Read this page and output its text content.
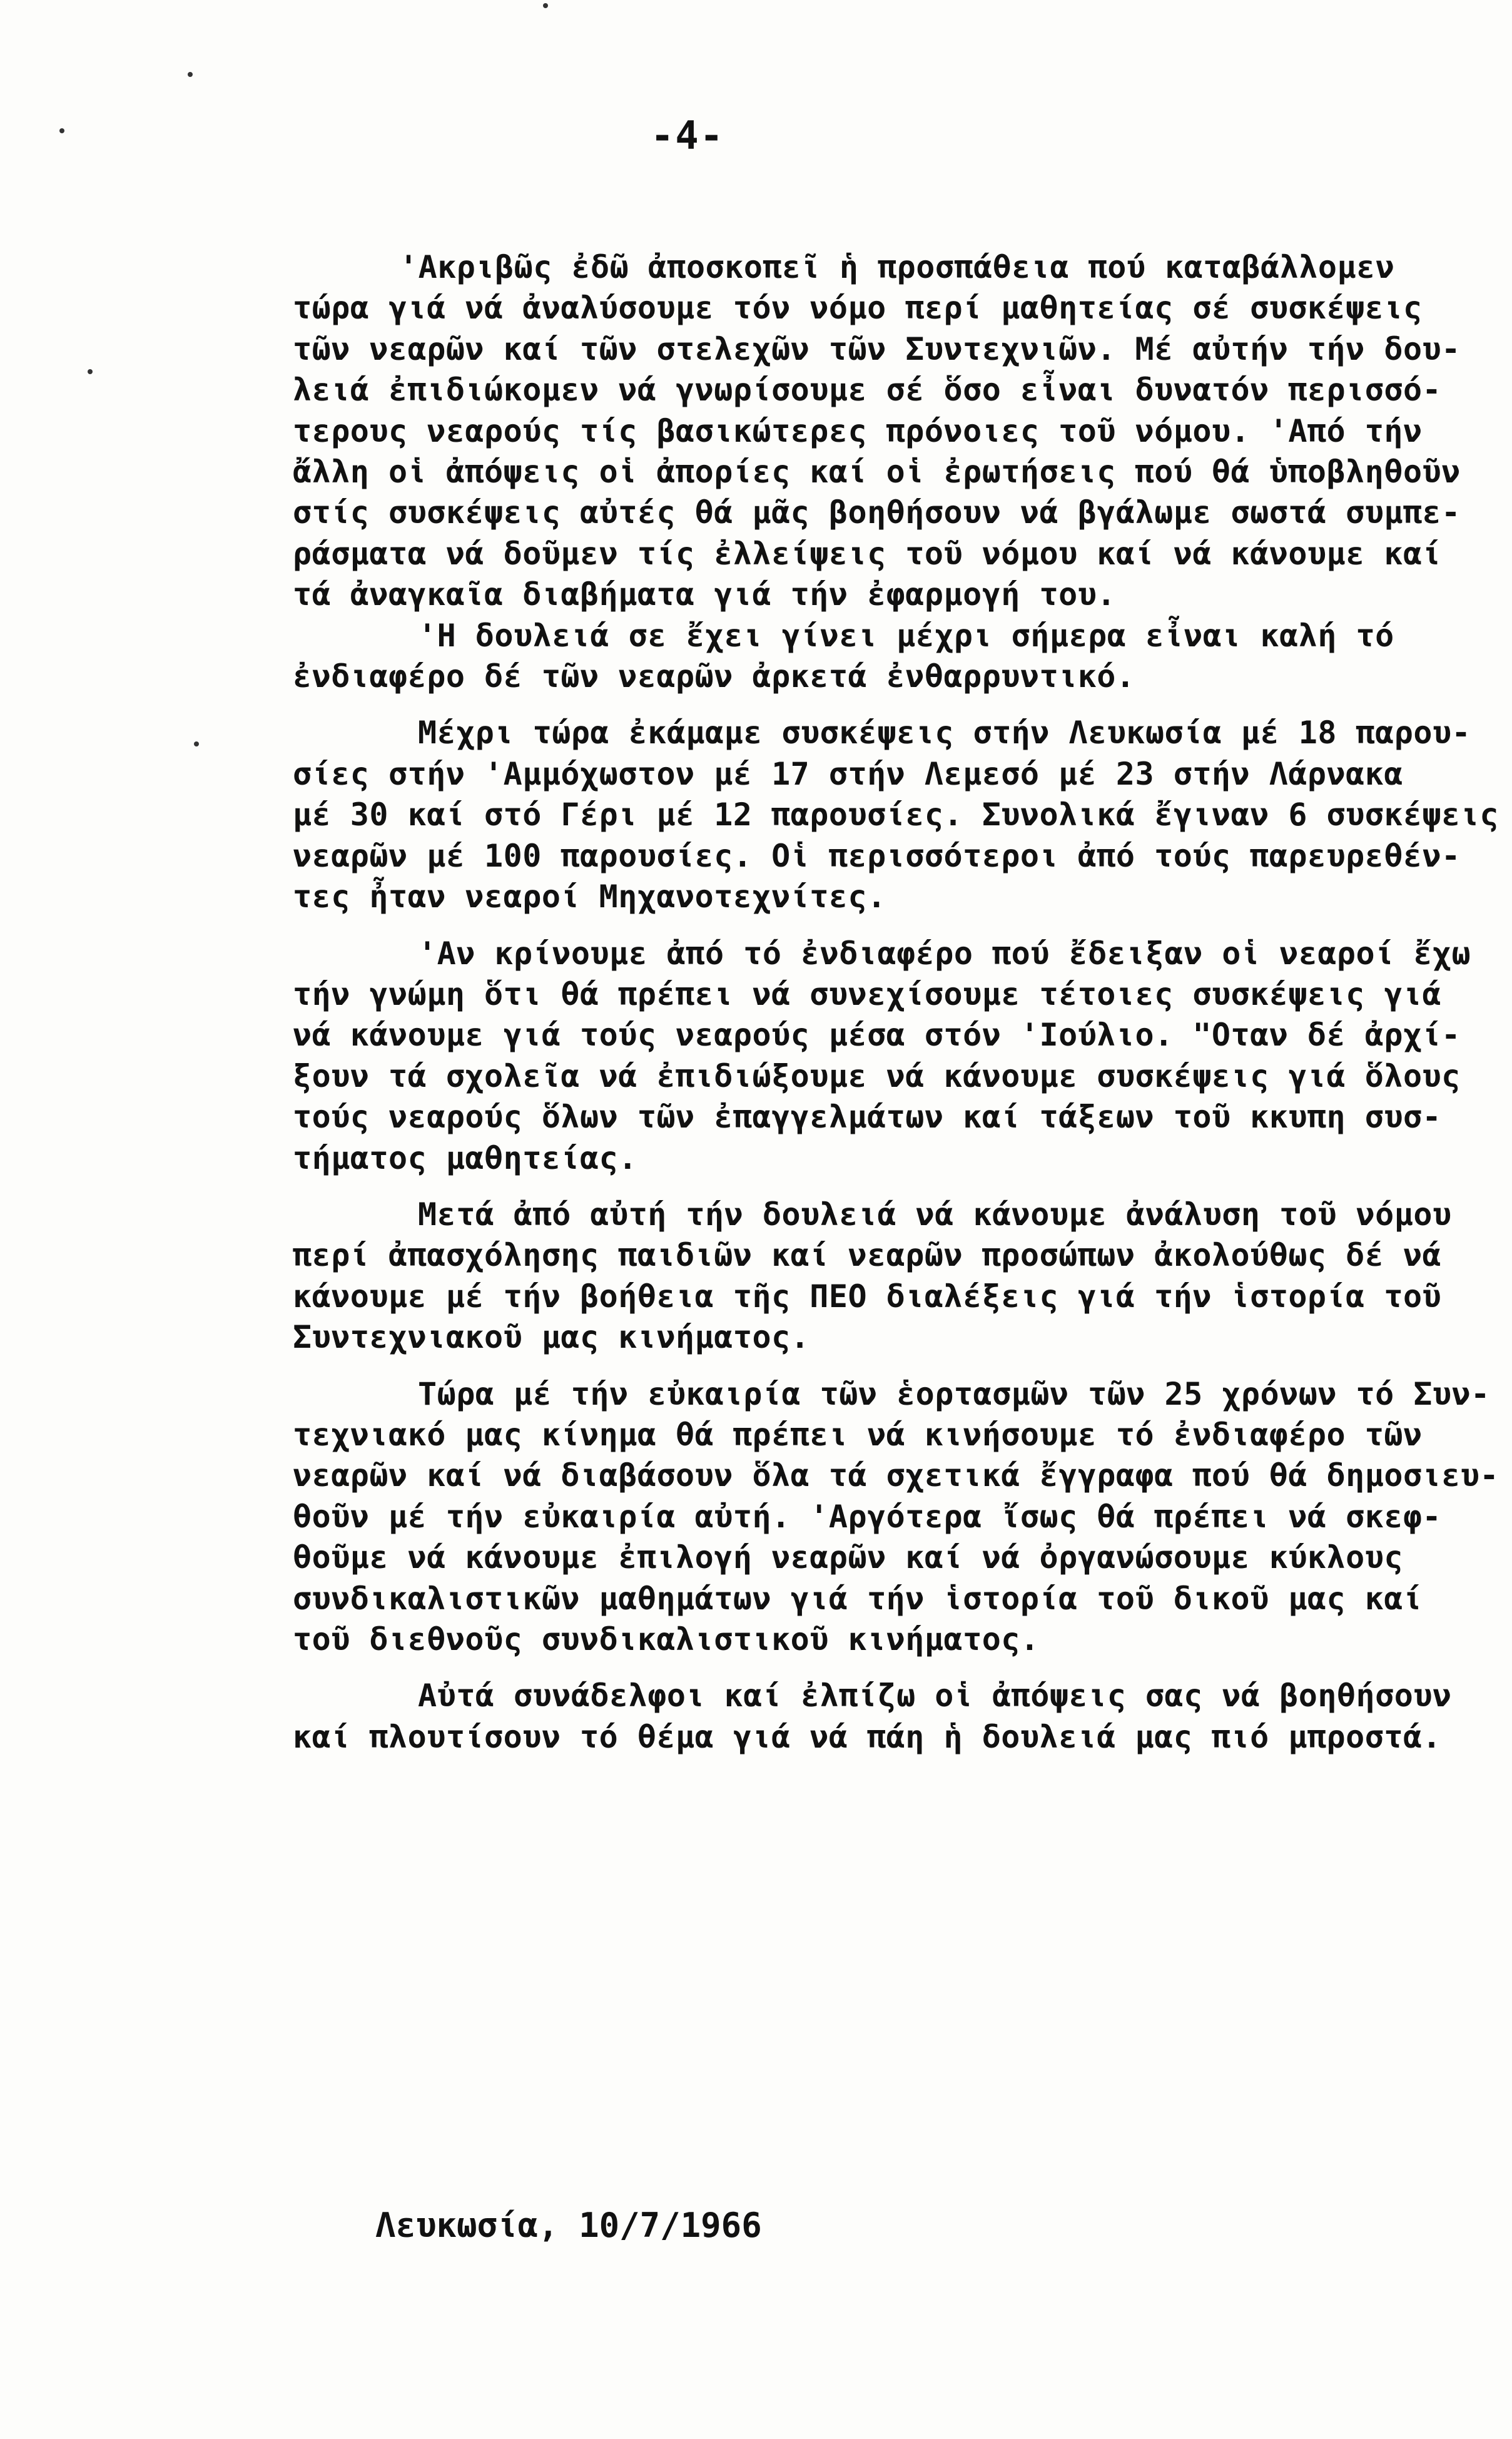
-4-
'Ακριβῶς ἐδῶ ἀποσκοπεῖ ἡ προσπάθεια πού καταβάλλομεν
τώρα γιά νά ἀναλύσουμε τόν νόμο περί μαθητείας σέ συσκέψεις
τῶν νεαρῶν καί τῶν στελεχῶν τῶν Συντεχνιῶν. Μέ αὐτήν τήν δου-
λειά ἐπιδιώκομεν νά γνωρίσουμε σέ ὅσο εἶναι δυνατόν περισσό-
τερους νεαρούς τίς βασικώτερες πρόνοιες τοῦ νόμου. 'Από τήν
ἄλλη οἱ ἀπόψεις οἱ ἀπορίες καί οἱ ἐρωτήσεις πού θά ὑποβληθοῦν
στίς συσκέψεις αὐτές θά μᾶς βοηθήσουν νά βγάλωμε σωστά συμπε-
ράσματα νά δοῦμεν τίς ἐλλείψεις τοῦ νόμου καί νά κάνουμε καί
τά ἀναγκαῖα διαβήματα γιά τήν ἐφαρμογή του.
'Η δουλειά σε ἔχει γίνει μέχρι σήμερα εἶναι καλή τό
ἐνδιαφέρο δέ τῶν νεαρῶν ἀρκετά ἐνθαρρυντικό.
Μέχρι τώρα ἐκάμαμε συσκέψεις στήν Λευκωσία μέ 18 παρου-
σίες στήν 'Αμμόχωστον μέ 17 στήν Λεμεσό μέ 23 στήν Λάρνακα
μέ 30 καί στό Γέρι μέ 12 παρουσίες. Συνολικά ἔγιναν 6 συσκέψεις
νεαρῶν μέ 100 παρουσίες. Οἱ περισσότεροι ἀπό τούς παρευρεθέν-
τες ἦταν νεαροί Μηχανοτεχνίτες.
'Αν κρίνουμε ἀπό τό ἐνδιαφέρο πού ἔδειξαν οἱ νεαροί ἔχω
τήν γνώμη ὅτι θά πρέπει νά συνεχίσουμε τέτοιες συσκέψεις γιά
νά κάνουμε γιά τούς νεαρούς μέσα στόν 'Ιούλιο. "Οταν δέ ἀρχί-
ξουν τά σχολεῖα νά ἐπιδιώξουμε νά κάνουμε συσκέψεις γιά ὅλους
τούς νεαρούς ὅλων τῶν ἐπαγγελμάτων καί τάξεων τοῦ κκυπη συσ-
τήματος μαθητείας.
Μετά ἀπό αὐτή τήν δουλειά νά κάνουμε ἀνάλυση τοῦ νόμου
περί ἀπασχόλησης παιδιῶν καί νεαρῶν προσώπων ἀκολούθως δέ νά
κάνουμε μέ τήν βοήθεια τῆς ΠΕΟ διαλέξεις γιά τήν ἱστορία τοῦ
Συντεχνιακοῦ μας κινήματος.
Τώρα μέ τήν εὐκαιρία τῶν ἑορτασμῶν τῶν 25 χρόνων τό Συν-
τεχνιακό μας κίνημα θά πρέπει νά κινήσουμε τό ἐνδιαφέρο τῶν
νεαρῶν καί νά διαβάσουν ὅλα τά σχετικά ἔγγραφα πού θά δημοσιευ-
θοῦν μέ τήν εὐκαιρία αὐτή. 'Αργότερα ἴσως θά πρέπει νά σκεφ-
θοῦμε νά κάνουμε ἐπιλογή νεαρῶν καί νά ὀργανώσουμε κύκλους
συνδικαλιστικῶν μαθημάτων γιά τήν ἱστορία τοῦ δικοῦ μας καί
τοῦ διεθνοῦς συνδικαλιστικοῦ κινήματος.
Αὐτά συνάδελφοι καί ἐλπίζω οἱ ἀπόψεις σας νά βοηθήσουν
καί πλουτίσουν τό θέμα γιά νά πάη ἡ δουλειά μας πιό μπροστά.
Λευκωσία, 10/7/1966
